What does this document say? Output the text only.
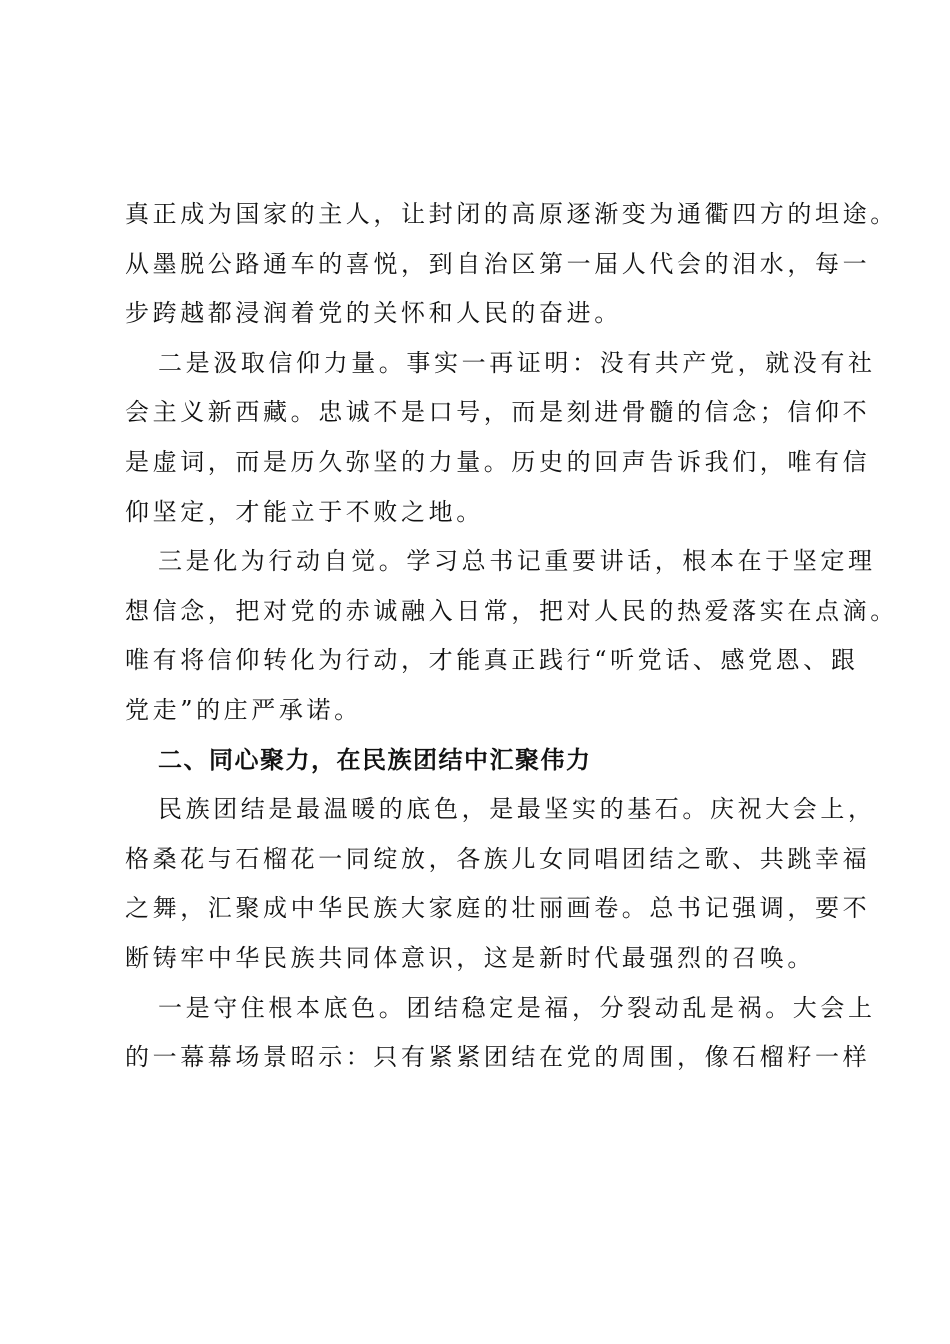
真正成为国家的主人，让封闭的高原逐渐变为通衢四方的坦途。
从墨脱公路通车的喜悦，到自治区第一届人代会的泪水，每一
步跨越都浸润着党的关怀和人民的奋进。
二是汲取信仰力量。事实一再证明：没有共产党，就没有社
会主义新西藏。忠诚不是口号，而是刻进骨髓的信念；信仰不
是虚词，而是历久弥坚的力量。历史的回声告诉我们，唯有信
仰坚定，才能立于不败之地。
三是化为行动自觉。学习总书记重要讲话，根本在于坚定理
想信念，把对党的赤诚融入日常，把对人民的热爱落实在点滴。
唯有将信仰转化为行动，才能真正践行“听党话、感党恩、跟
党走”的庄严承诺。
二、同心聚力，在民族团结中汇聚伟力
民族团结是最温暖的底色，是最坚实的基石。庆祝大会上，
格桑花与石榴花一同绽放，各族儿女同唱团结之歌、共跳幸福
之舞，汇聚成中华民族大家庭的壮丽画卷。总书记强调，要不
断铸牢中华民族共同体意识，这是新时代最强烈的召唤。
一是守住根本底色。团结稳定是福，分裂动乱是祸。大会上
的一幕幕场景昭示：只有紧紧团结在党的周围，像石榴籽一样
